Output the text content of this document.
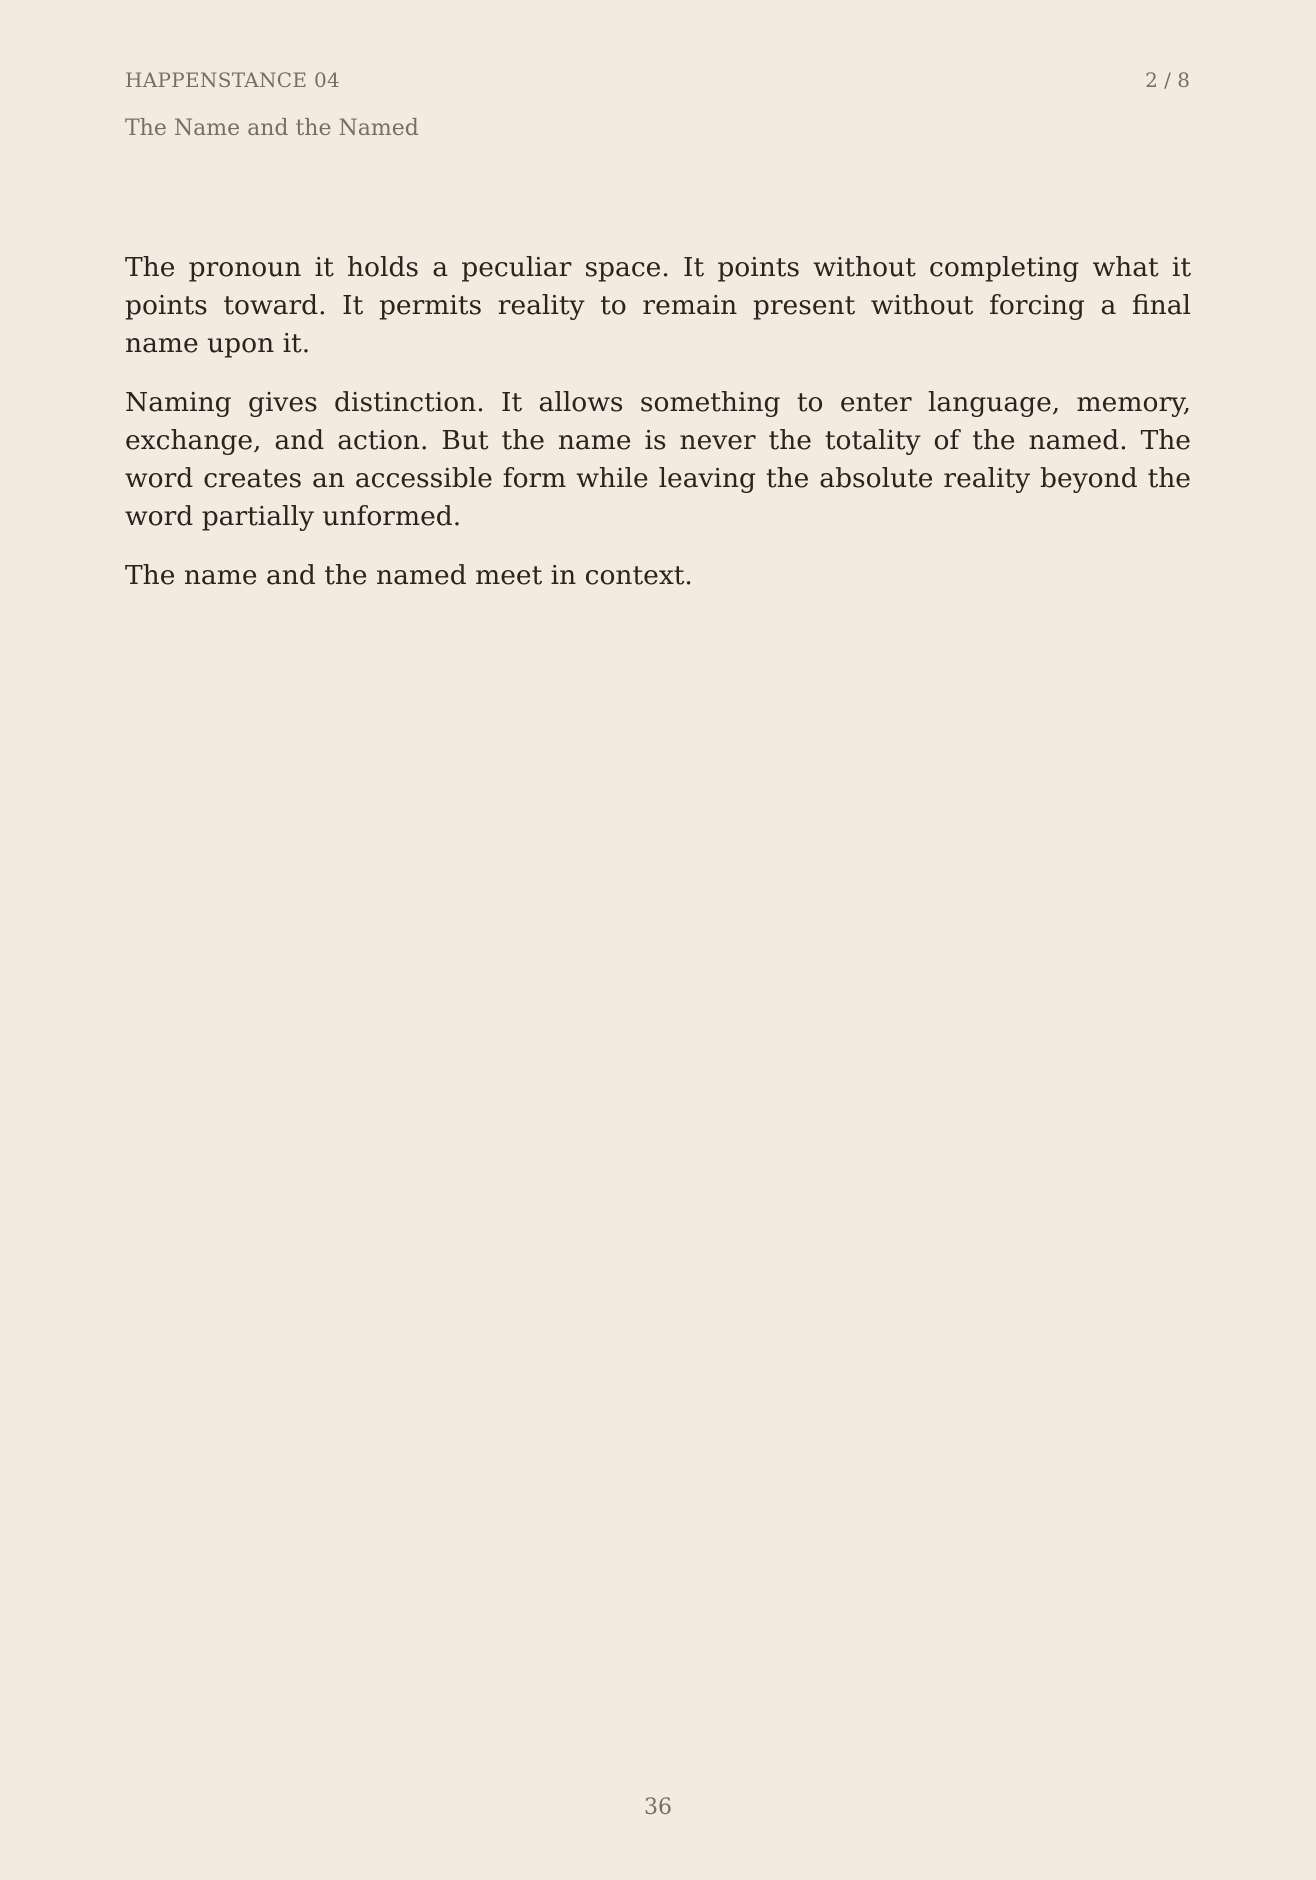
HAPPENSTANCE 04	2 / 8
The Name and the Named

The pronoun it holds a peculiar space. It points without completing what it points toward. It permits reality to remain present without forcing a final name upon it.

Naming gives distinction. It allows something to enter language, memory, exchange, and action. But the name is never the totality of the named. The word creates an accessible form while leaving the absolute reality beyond the word partially unformed.

The name and the named meet in context.

36
